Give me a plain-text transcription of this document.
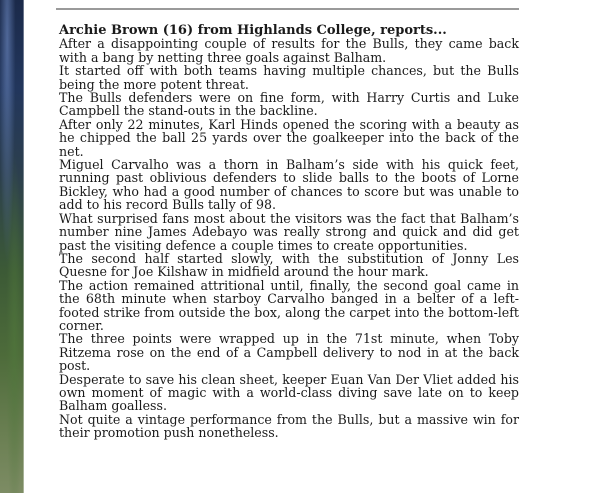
Archie Brown (16) from Highlands College, reports...

After a disappointing couple of results for the Bulls, they came back with a bang by netting three goals against Balham.

It started off with both teams having multiple chances, but the Bulls being the more potent threat.

The Bulls defenders were on fine form, with Harry Curtis and Luke Campbell the stand-outs in the backline.

After only 22 minutes, Karl Hinds opened the scoring with a beauty as he chipped the ball 25 yards over the goalkeeper into the back of the net.

Miguel Carvalho was a thorn in Balham’s side with his quick feet, running past oblivious defenders to slide balls to the boots of Lorne Bickley, who had a good number of chances to score but was unable to add to his record Bulls tally of 98.

What surprised fans most about the visitors was the fact that Balham’s number nine James Adebayo was really strong and quick and did get past the visiting defence a couple times to create opportunities.

The second half started slowly, with the substitution of Jonny Les Quesne for Joe Kilshaw in midfield around the hour mark.

The action remained attritional until, finally, the second goal came in the 68th minute when starboy Carvalho banged in a belter of a left-footed strike from outside the box, along the carpet into the bottom-left corner.

The three points were wrapped up in the 71st minute, when Toby Ritzema rose on the end of a Campbell delivery to nod in at the back post.

Desperate to save his clean sheet, keeper Euan Van Der Vliet added his own moment of magic with a world-class diving save late on to keep Balham goalless.

Not quite a vintage performance from the Bulls, but a massive win for their promotion push nonetheless.
